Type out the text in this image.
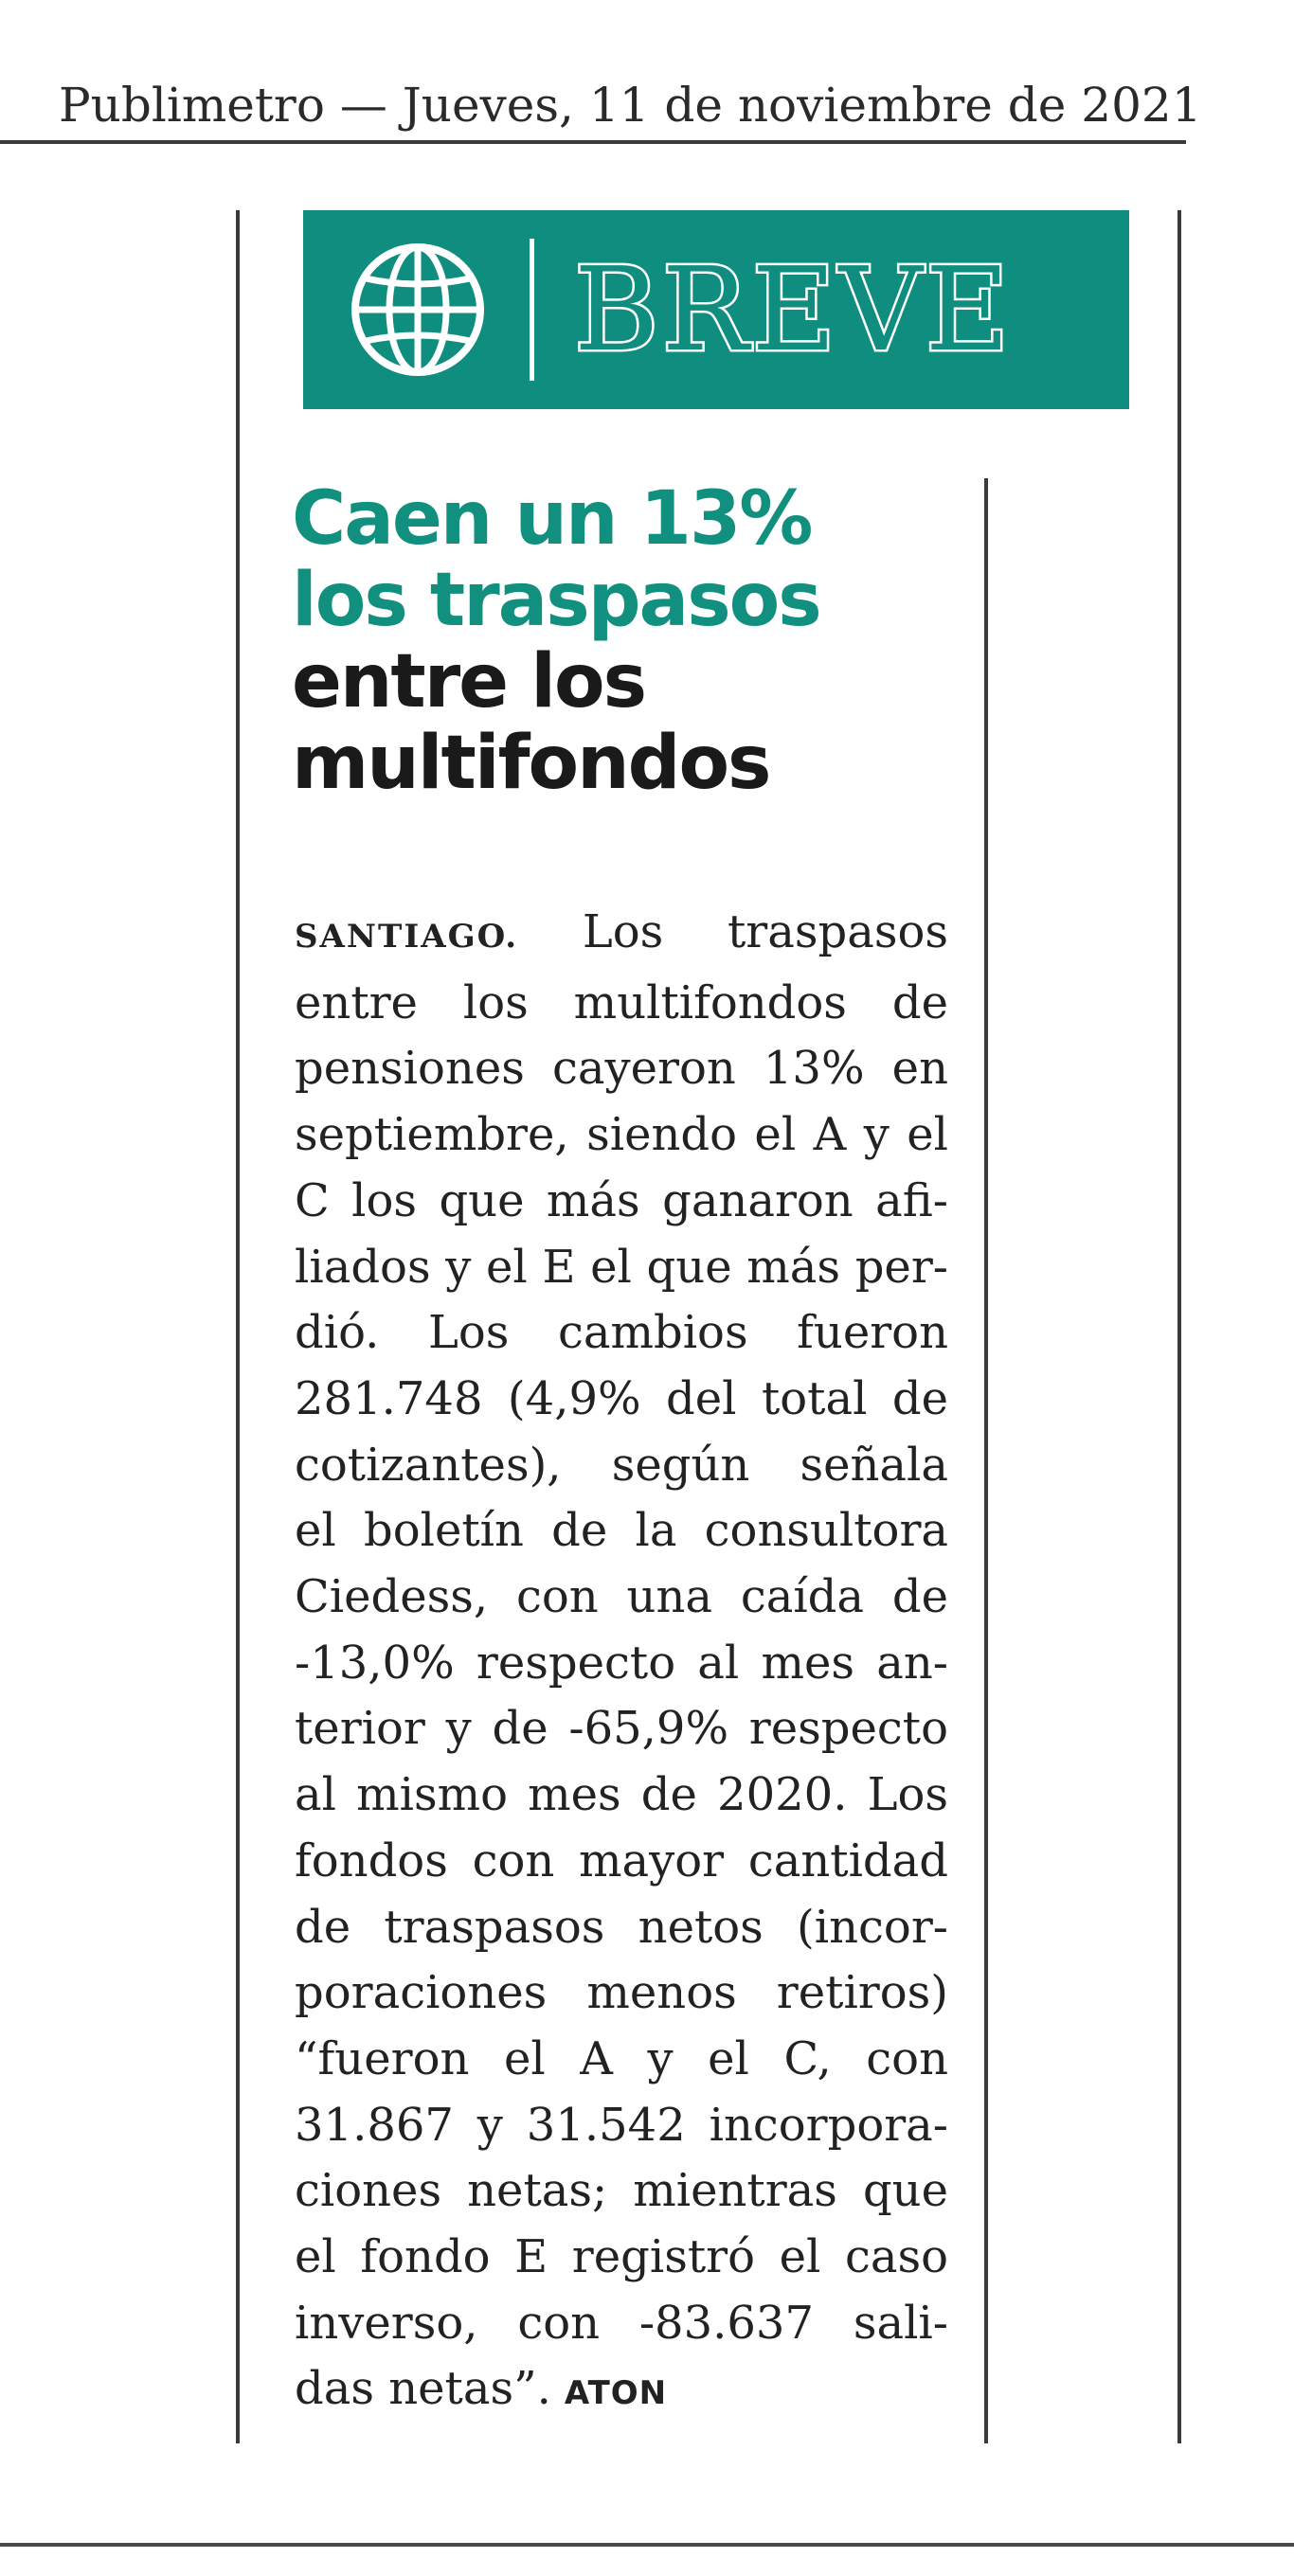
Publimetro — Jueves, 11 de noviembre de 2021
BREVE
Caen un 13%
los traspasos
entre los
multifondos
SANTIAGO. Los traspasos
entre los multifondos de
pensiones cayeron 13% en
septiembre, siendo el A y el
C los que más ganaron afi-
liados y el E el que más per-
dió. Los cambios fueron
281.748 (4,9% del total de
cotizantes), según señala
el boletín de la consultora
Ciedess, con una caída de
-13,0% respecto al mes an-
terior y de -65,9% respecto
al mismo mes de 2020. Los
fondos con mayor cantidad
de traspasos netos (incor-
poraciones menos retiros)
“fueron el A y el C, con
31.867 y 31.542 incorpora-
ciones netas; mientras que
el fondo E registró el caso
inverso, con -83.637 sali-
das netas”. ATON
